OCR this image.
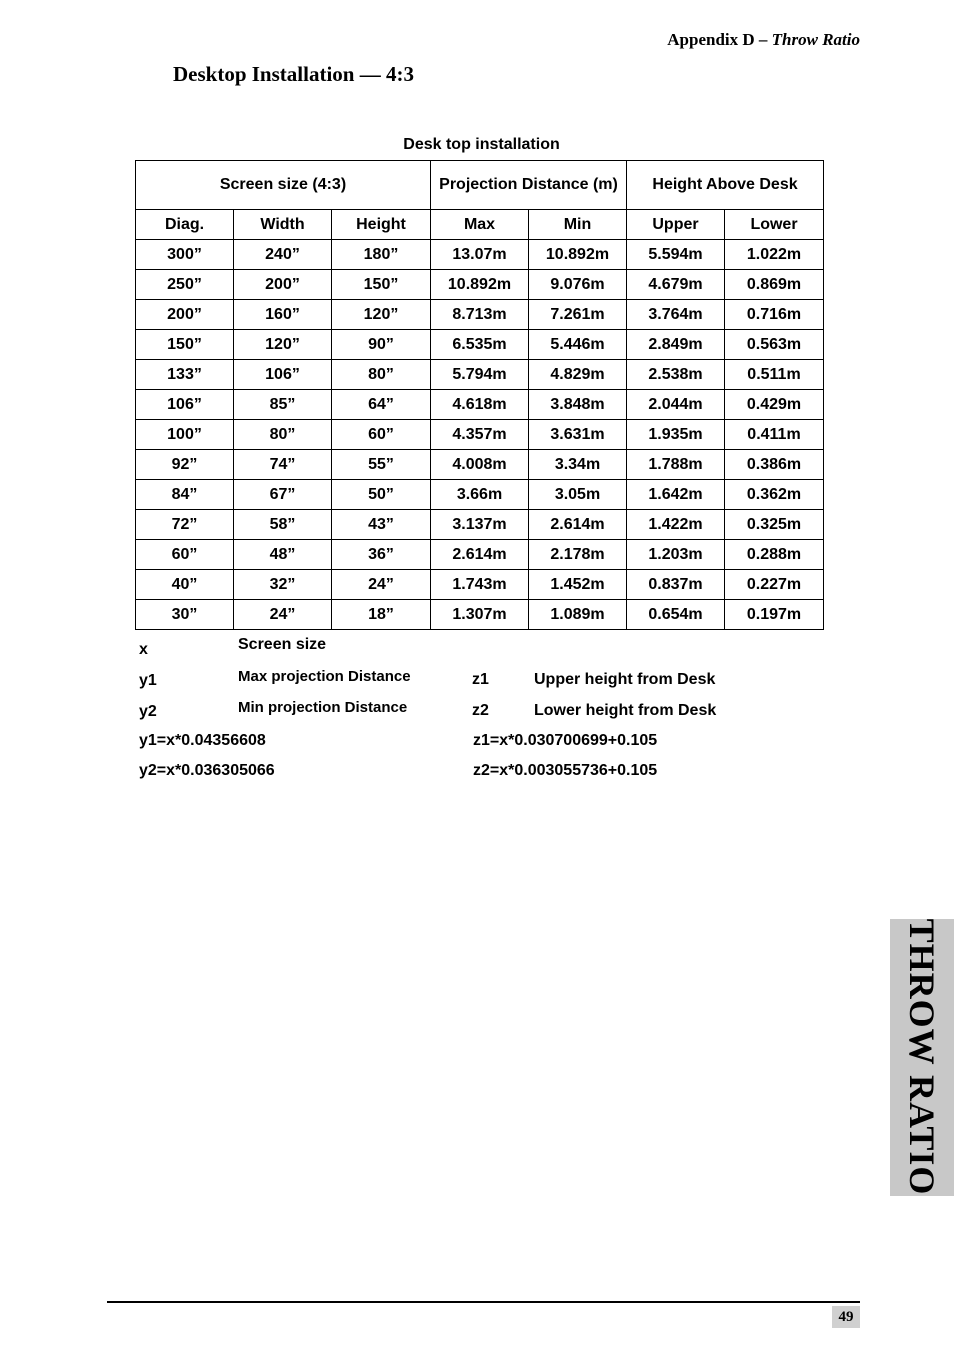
Appendix D – Throw Ratio
Desktop Installation — 4:3
Desk top installation
Screen size (4:3)			Projection Distance (m)		Height Above Desk	
Diag.	Width	Height	Max	Min	Upper	Lower
300”	240”	180”	13.07m	10.892m	5.594m	1.022m
250”	200”	150”	10.892m	9.076m	4.679m	0.869m
200”	160”	120”	8.713m	7.261m	3.764m	0.716m
150”	120”	90”	6.535m	5.446m	2.849m	0.563m
133”	106”	80”	5.794m	4.829m	2.538m	0.511m
106”	85”	64”	4.618m	3.848m	2.044m	0.429m
100”	80”	60”	4.357m	3.631m	1.935m	0.411m
92”	74”	55”	4.008m	3.34m	1.788m	0.386m
84”	67”	50”	3.66m	3.05m	1.642m	0.362m
72”	58”	43”	3.137m	2.614m	1.422m	0.325m
60”	48”	36”	2.614m	2.178m	1.203m	0.288m
40”	32”	24”	1.743m	1.452m	0.837m	0.227m
30”	24”	18”	1.307m	1.089m	0.654m	0.197m
x	Screen size
y1	Max projection Distance	z1	Upper height from Desk
y2	Min projection Distance	z2	Lower height from Desk
y1=x*0.04356608	z1=x*0.030700699+0.105
y2=x*0.036305066	z2=x*0.003055736+0.105
THROW RATIO
49
